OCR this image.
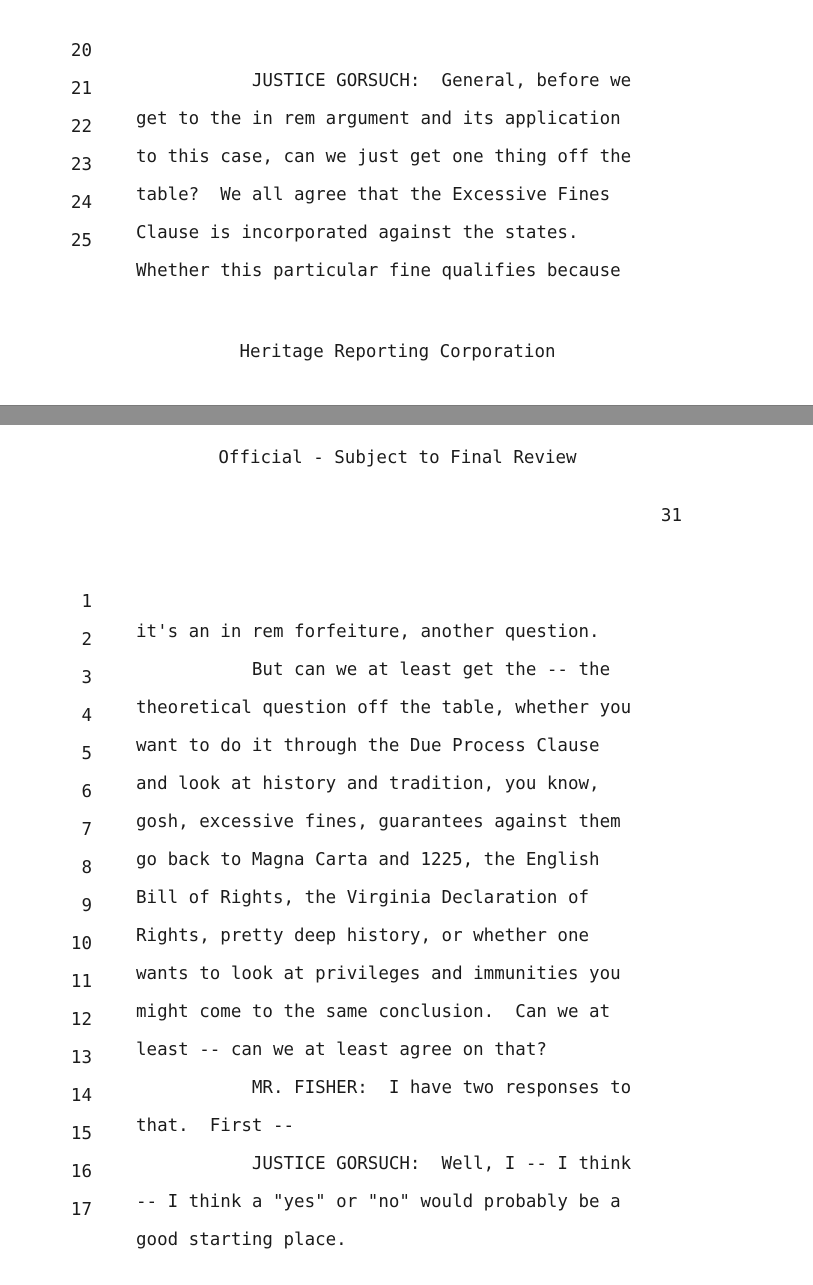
20

JUSTICE GORSUCH:  General, before we

21

get to the in rem argument and its application

22

to this case, can we just get one thing off the

23

table?  We all agree that the Excessive Fines

24

Clause is incorporated against the states.

25

Whether this particular fine qualifies because

Heritage Reporting Corporation
Official - Subject to Final Review
31

1

it's an in rem forfeiture, another question.

2

But can we at least get the -- the

3

theoretical question off the table, whether you

4

want to do it through the Due Process Clause

5

and look at history and tradition, you know,

6

gosh, excessive fines, guarantees against them

7

go back to Magna Carta and 1225, the English

8

Bill of Rights, the Virginia Declaration of

9

Rights, pretty deep history, or whether one

10

wants to look at privileges and immunities you

11

might come to the same conclusion.  Can we at

12

least -- can we at least agree on that?

13

MR. FISHER:  I have two responses to

14

that.  First --

15

JUSTICE GORSUCH:  Well, I -- I think

16

-- I think a "yes" or "no" would probably be a

17

good starting place.
